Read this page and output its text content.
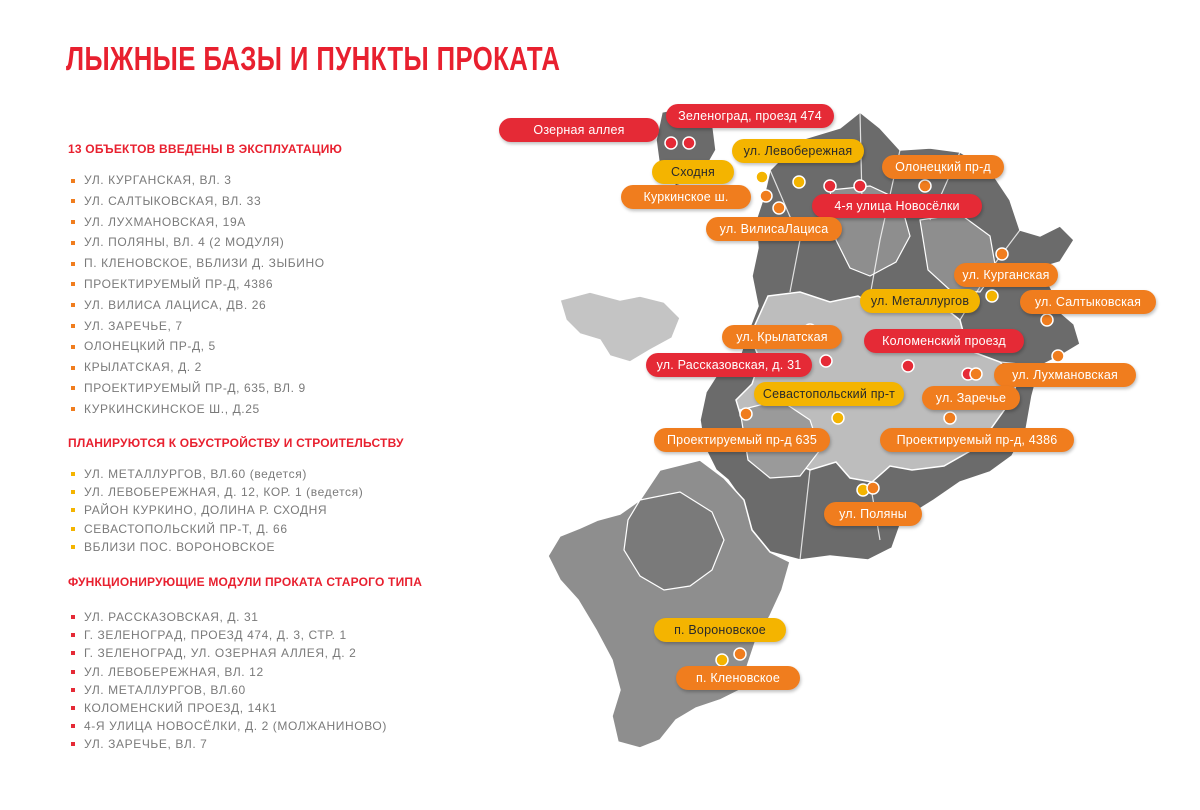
ЛЫЖНЫЕ БАЗЫ И ПУНКТЫ ПРОКАТА
13 ОБЪЕКТОВ ВВЕДЕНЫ В ЭКСПЛУАТАЦИЮ
УЛ. КУРГАНСКАЯ, ВЛ. 3
УЛ. САЛТЫКОВСКАЯ, ВЛ. 33
УЛ. ЛУХМАНОВСКАЯ, 19А
УЛ. ПОЛЯНЫ, ВЛ. 4 (2 МОДУЛЯ)
П. КЛЕНОВСКОЕ, ВБЛИЗИ Д. ЗЫБИНО
ПРОЕКТИРУЕМЫЙ ПР-Д, 4386
УЛ. ВИЛИСА ЛАЦИСА, ДВ. 26
УЛ. ЗАРЕЧЬЕ, 7
ОЛОНЕЦКИЙ ПР-Д, 5
КРЫЛАТСКАЯ, Д. 2
ПРОЕКТИРУЕМЫЙ ПР-Д, 635, ВЛ. 9
КУРКИНСКИНСКОЕ Ш., Д.25
ПЛАНИРУЮТСЯ К ОБУСТРОЙСТВУ И СТРОИТЕЛЬСТВУ
УЛ. МЕТАЛЛУРГОВ, ВЛ.60 (ведется)
УЛ. ЛЕВОБЕРЕЖНАЯ, Д. 12, КОР. 1 (ведется)
РАЙОН КУРКИНО, ДОЛИНА Р. СХОДНЯ
СЕВАСТОПОЛЬСКИЙ ПР-Т, Д. 66
ВБЛИЗИ ПОС. ВОРОНОВСКОЕ
ФУНКЦИОНИРУЮЩИЕ МОДУЛИ ПРОКАТА СТАРОГО ТИПА
УЛ. РАССКАЗОВСКАЯ, Д. 31
Г. ЗЕЛЕНОГРАД, ПРОЕЗД 474, Д. 3, СТР. 1
Г. ЗЕЛЕНОГРАД, УЛ. ОЗЕРНАЯ АЛЛЕЯ, Д. 2
УЛ. ЛЕВОБЕРЕЖНАЯ, ВЛ. 12
УЛ. МЕТАЛЛУРГОВ, ВЛ.60
КОЛОМЕНСКИЙ ПРОЕЗД, 14К1
4-Я УЛИЦА НОВОСЁЛКИ, Д. 2 (МОЛЖАНИНОВО)
УЛ. ЗАРЕЧЬЕ, ВЛ. 7
Озерная аллея
Зеленоград, проезд 474
ул. Левобережная
Сходня	Олонецкий пр-д
Куркинское ш.
4-я улица Новосёлки
ул. ВилисаЛациса
ул. Курганская
ул. Металлургов	ул. Салтыковская
ул. Крылатская	Коломенский проезд
ул. Рассказовская, д. 31
ул. Лухмановская
Севастопольский пр-т	ул. Заречье
Проектируемый пр-д 635	Проектируемый пр-д, 4386
ул. Поляны
п. Вороновское
п. Кленовское
